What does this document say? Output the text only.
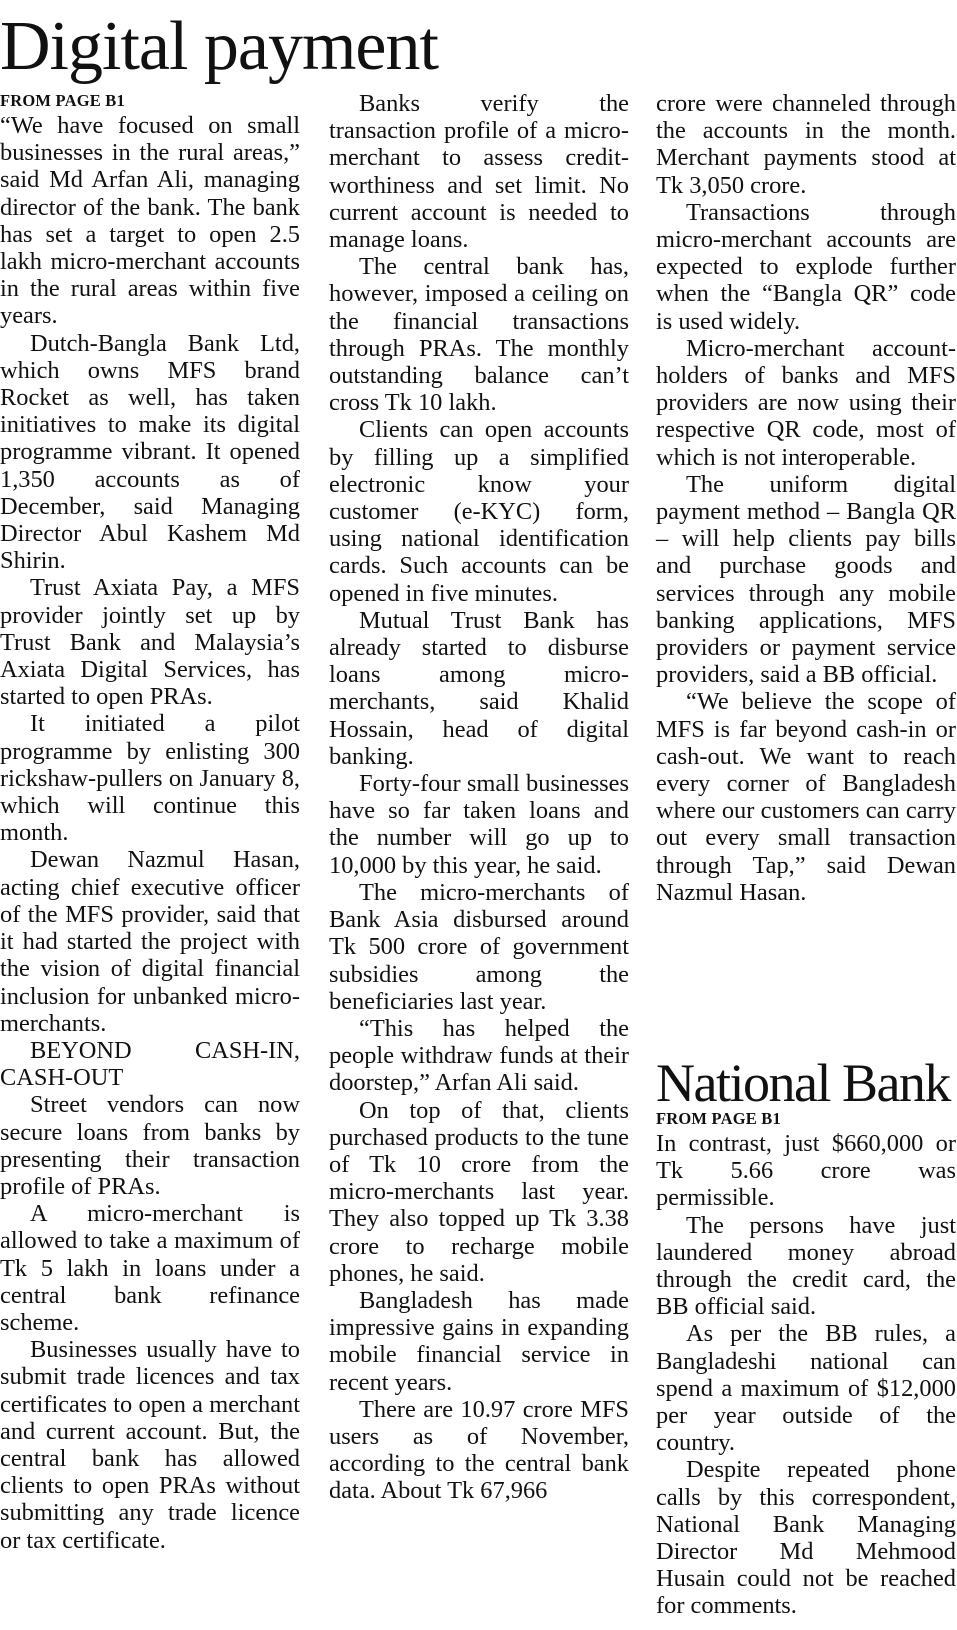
Digital payment
FROM PAGE B1

“We have focused on small businesses in the rural areas,” said Md Arfan Ali, managing director of the bank. The bank has set a target to open 2.5 lakh micro-merchant accounts in the rural areas within five years.

Dutch-Bangla Bank Ltd, which owns MFS brand Rocket as well, has taken initiatives to make its digital programme vibrant. It opened 1,350 accounts as of December, said Managing Director Abul Kashem Md Shirin.

Trust Axiata Pay, a MFS provider jointly set up by Trust Bank and Malaysia’s Axiata Digital Services, has started to open PRAs.

It initiated a pilot programme by enlisting 300 rickshaw-pullers on January 8, which will continue this month.

Dewan Nazmul Hasan, acting chief executive officer of the MFS provider, said that it had started the project with the vision of digital financial inclusion for unbanked micro-merchants.

BEYOND CASH-IN, CASH-OUT

Street vendors can now secure loans from banks by presenting their transaction profile of PRAs.

A micro-merchant is allowed to take a maximum of Tk 5 lakh in loans under a central bank refinance scheme.

Businesses usually have to submit trade licences and tax certificates to open a merchant and current account. But, the central bank has allowed clients to open PRAs without submitting any trade licence or tax certificate.

Banks verify the transaction profile of a micro-merchant to assess credit-worthiness and set limit. No current account is needed to manage loans.

The central bank has, however, imposed a ceiling on the financial transactions through PRAs. The monthly outstanding balance can’t cross Tk 10 lakh.

Clients can open accounts by filling up a simplified electronic know your customer (e-KYC) form, using national identification cards. Such accounts can be opened in five minutes.

Mutual Trust Bank has already started to disburse loans among micro-merchants, said Khalid Hossain, head of digital banking.

Forty-four small businesses have so far taken loans and the number will go up to 10,000 by this year, he said.

The micro-merchants of Bank Asia disbursed around Tk 500 crore of government subsidies among the beneficiaries last year.

“This has helped the people withdraw funds at their doorstep,” Arfan Ali said.

On top of that, clients purchased products to the tune of Tk 10 crore from the micro-merchants last year. They also topped up Tk 3.38 crore to recharge mobile phones, he said.

Bangladesh has made impressive gains in expanding mobile financial service in recent years.

There are 10.97 crore MFS users as of November, according to the central bank data. About Tk 67,966

crore were channeled through the accounts in the month. Merchant payments stood at Tk 3,050 crore.

Transactions through micro-merchant accounts are expected to explode further when the “Bangla QR” code is used widely.

Micro-merchant account-holders of banks and MFS providers are now using their respective QR code, most of which is not interoperable.

The uniform digital payment method – Bangla QR – will help clients pay bills and purchase goods and services through any mobile banking applications, MFS providers or payment service providers, said a BB official.

“We believe the scope of MFS is far beyond cash-in or cash-out. We want to reach every corner of Bangladesh where our customers can carry out every small transaction through Tap,” said Dewan Nazmul Hasan.

National Bank
FROM PAGE B1

In contrast, just $660,000 or Tk 5.66 crore was permissible.

The persons have just laundered money abroad through the credit card, the BB official said.

As per the BB rules, a Bangladeshi national can spend a maximum of $12,000 per year outside of the country.

Despite repeated phone calls by this correspondent, National Bank Managing Director Md Mehmood Husain could not be reached for comments.
